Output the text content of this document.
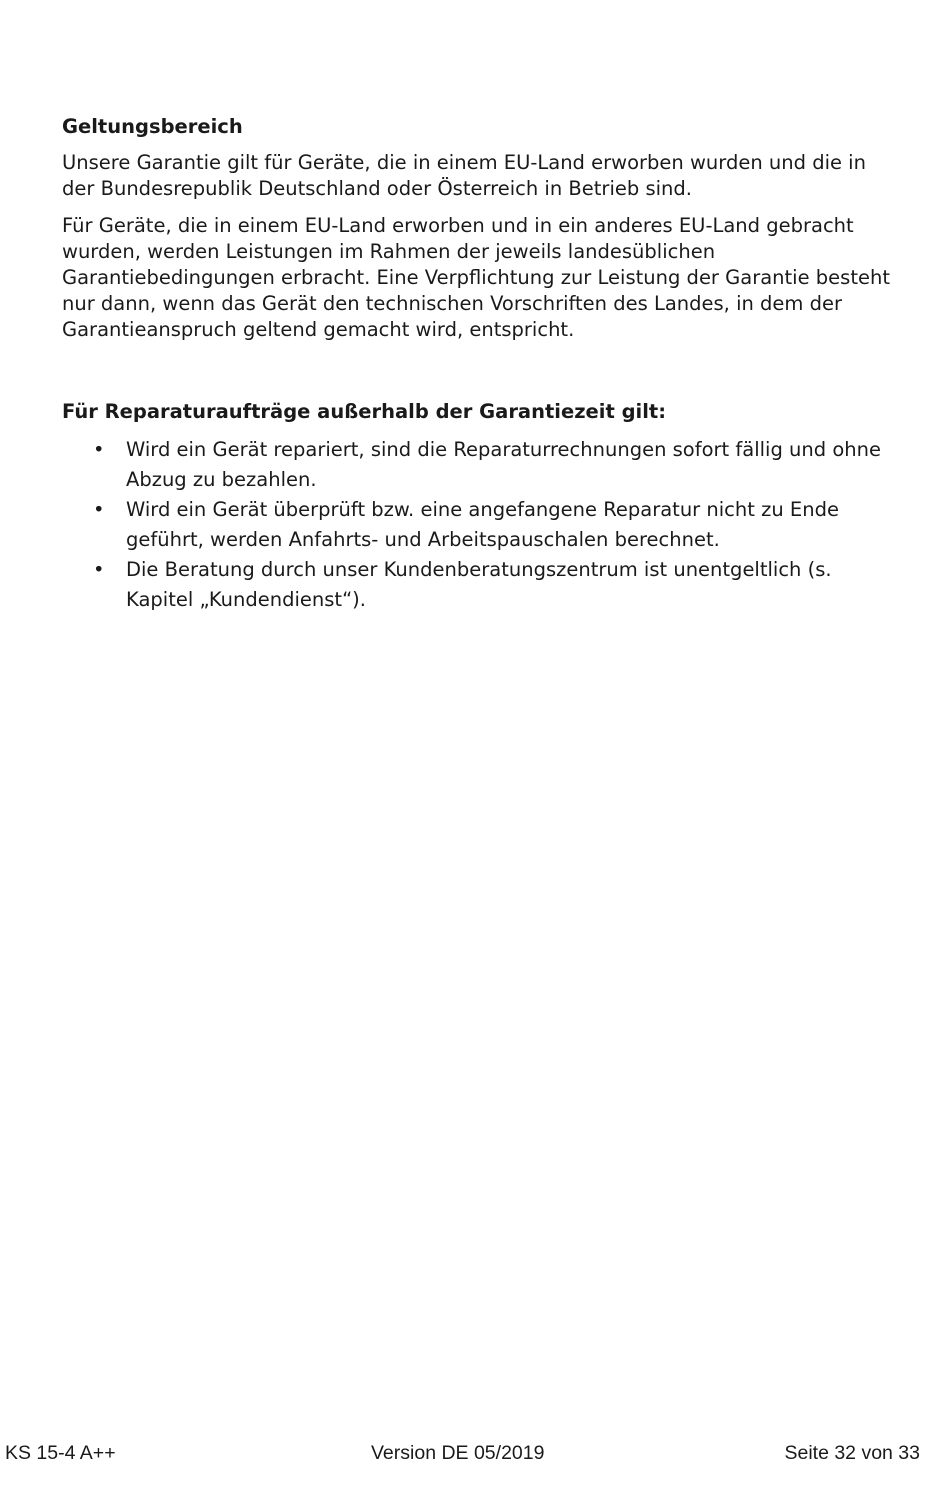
Geltungsbereich

Unsere Garantie gilt für Geräte, die in einem EU-Land erworben wurden und die in der Bundesrepublik Deutschland oder Österreich in Betrieb sind.

Für Geräte, die in einem EU-Land erworben und in ein anderes EU-Land gebracht wurden, werden Leistungen im Rahmen der jeweils landesüblichen Garantiebedingungen erbracht. Eine Verpflichtung zur Leistung der Garantie besteht nur dann, wenn das Gerät den technischen Vorschriften des Landes, in dem der Garantieanspruch geltend gemacht wird, entspricht.

Für Reparaturaufträge außerhalb der Garantiezeit gilt:
• Wird ein Gerät repariert, sind die Reparaturrechnungen sofort fällig und ohne Abzug zu bezahlen.
• Wird ein Gerät überprüft bzw. eine angefangene Reparatur nicht zu Ende geführt, werden Anfahrts- und Arbeitspauschalen berechnet.
• Die Beratung durch unser Kundenberatungszentrum ist unentgeltlich (s. Kapitel „Kundendienst“).
KS 15-4 A++	Version DE 05/2019	Seite 32 von 33
